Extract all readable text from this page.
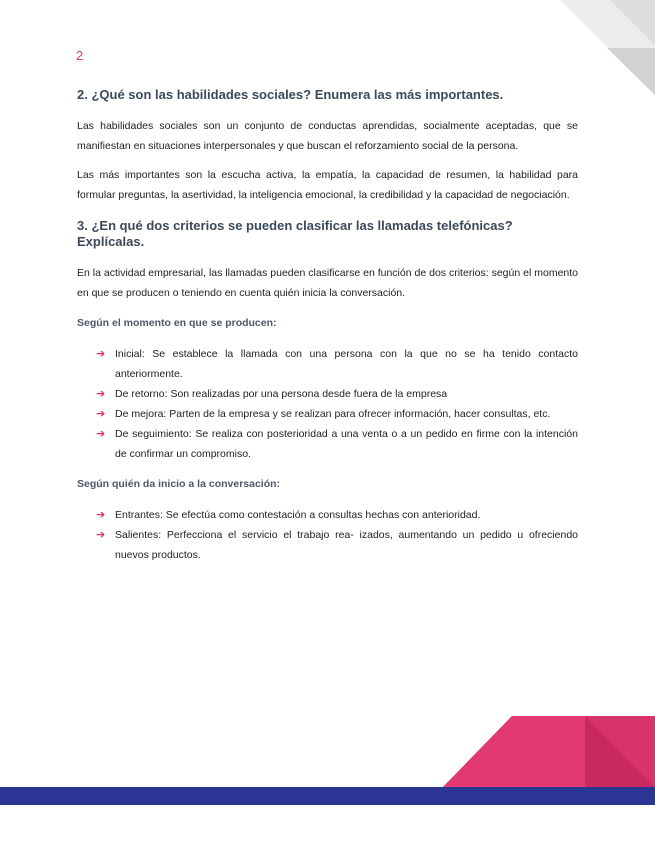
2
2. ¿Qué son las habilidades sociales? Enumera las más importantes.

Las habilidades sociales son un conjunto de conductas aprendidas, socialmente aceptadas, que se manifiestan en situaciones interpersonales y que buscan el reforzamiento social de la persona.

Las más importantes son la escucha activa, la empatía, la capacidad de resumen, la habilidad para formular preguntas, la asertividad, la inteligencia emocional, la credibilidad y la capacidad de negociación.

3. ¿En qué dos criterios se pueden clasificar las llamadas telefónicas? Explícalas.

En la actividad empresarial, las llamadas pueden clasificarse en función de dos criterios: según el momento en que se producen o teniendo en cuenta quién inicia la conversación.

Según el momento en que se producen:
➔ Inicial: Se establece la llamada con una persona con la que no se ha tenido contacto anteriormente.
➔ De retorno: Son realizadas por una persona desde fuera de la empresa
➔ De mejora: Parten de la empresa y se realizan para ofrecer información, hacer consultas, etc.
➔ De seguimiento: Se realiza con posterioridad a una venta o a un pedido en firme con la intención de confirmar un compromiso.
Según quién da inicio a la conversación:
➔ Entrantes: Se efectúa como contestación a consultas hechas con anterioridad.
➔ Salientes: Perfecciona el servicio el trabajo rea- izados, aumentando un pedido u ofreciendo nuevos productos.
